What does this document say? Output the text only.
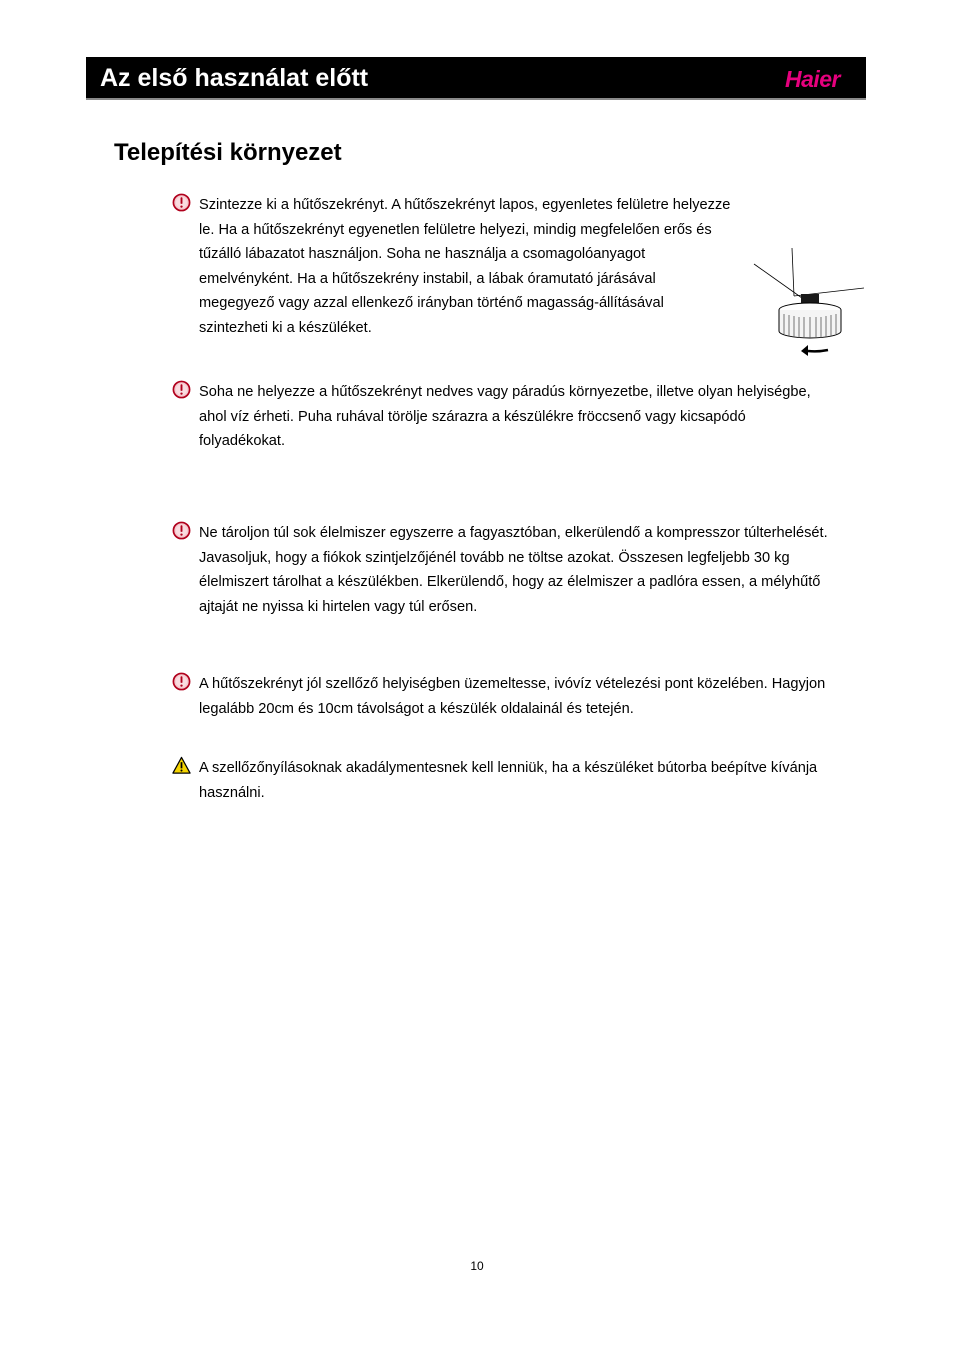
Az első használat előtt	Haier
Telepítési környezet
Szintezze ki a hűtőszekrényt. A hűtőszekrényt lapos, egyenletes felületre helyezze le. Ha a hűtőszekrényt egyenetlen felületre helyezi, mindig megfelelően erős és tűzálló lábazatot használjon. Soha ne használja a csomagolóanyagot emelvényként. Ha a hűtőszekrény instabil, a lábak óramutató járásával megegyező vagy azzal ellenkező irányban történő magasság-állításával szintezheti ki a készüléket.
Soha ne helyezze a hűtőszekrényt nedves vagy páradús környezetbe, illetve olyan helyiségbe, ahol víz érheti. Puha ruhával törölje szárazra a készülékre fröccsenő vagy kicsapódó folyadékokat.
Ne tároljon túl sok élelmiszer egyszerre a fagyasztóban, elkerülendő a kompresszor túlterhelését. Javasoljuk, hogy a fiókok szintjelzőjénél tovább ne töltse azokat. Összesen legfeljebb 30 kg élelmiszert tárolhat a készülékben. Elkerülendő, hogy az élelmiszer a padlóra essen, a mélyhűtő ajtaját ne nyissa ki hirtelen vagy túl erősen.
A hűtőszekrényt jól szellőző helyiségben üzemeltesse, ivóvíz vételezési pont közelében. Hagyjon legalább 20cm és 10cm távolságot a készülék oldalainál és tetején.
A szellőzőnyílásoknak akadálymentesnek kell lenniük, ha a készüléket bútorba beépítve kívánja használni.
10
